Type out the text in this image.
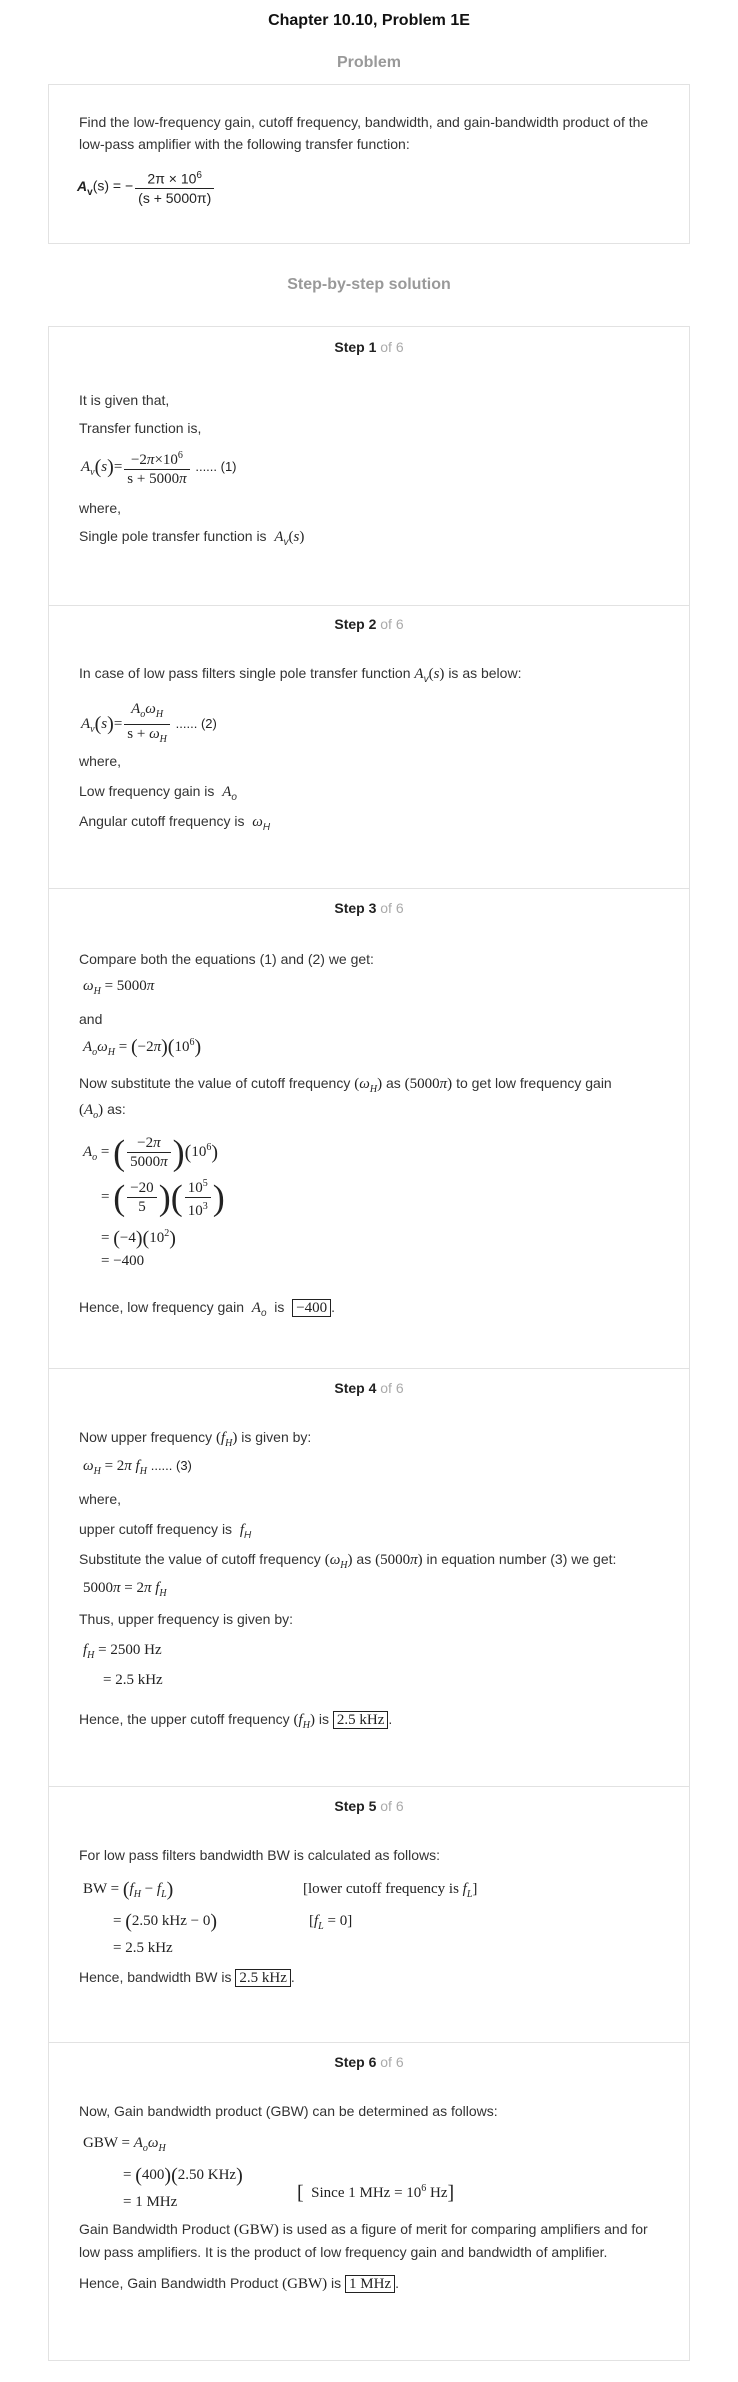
Chapter 10.10, Problem 1E
Problem
Find the low-frequency gain, cutoff frequency, bandwidth, and gain-bandwidth product of the low-pass amplifier with the following transfer function:
$A_v(s)$ = − $\frac{2\pi \times 10^6}{(s + 5000\pi)}$
Step-by-step solution
Step 1 of 6
It is given that,
Transfer function is,
$A_v(s)= \frac{-2\pi\times 10^6}{s + 5000\pi}$ ...... (1)
where,
Single pole transfer function is $A_v(s)$
Step 2 of 6
In case of low pass filters single pole transfer function $A_v(s)$ is as below:
$A_v(s)= \frac{A_o\omega_H}{s + \omega_H}$ ...... (2)
where,
Low frequency gain is $A_o$
Angular cutoff frequency is $\omega_H$
Step 3 of 6
Compare both the equations (1) and (2) we get:
$\omega_H = 5000\pi$
and
$A_o\omega_H = (-2\pi)(10^6)$
Now substitute the value of cutoff frequency $(\omega_H)$ as (5000π) to get low frequency gain
$(A_o)$ as:
$A_o$ = ( $\frac{-2\pi}{5000\pi} )(10^6)$
= ( $\frac{-20}{5}$ )( $\frac{10^5}{10^3}$ )
= $(-4)(10^2)$
= −400
Hence, low frequency gain $A_o$ is −400 .
Step 4 of 6
Now upper frequency $(f_H)$ is given by:
$\omega_H = 2\pi$ $f_H$ ...... (3)
where,
upper cutoff frequency is $f_H$
Substitute the value of cutoff frequency $(\omega_H)$ as (5000π) in equation number (3) we get:
5000π = 2π $f_H$
Thus, upper frequency is given by:
$f_H = 2500$ Hz
= 2.5 kHz
Hence, the upper cutoff frequency $(f_H)$ is 2.5 kHz .
Step 5 of 6
For low pass filters bandwidth BW is calculated as follows:
BW = $(f_H - f_L)$
= (2.50 kHz − 0)
= 2.5 kHz
[lower cutoff frequency is $f_L$]
$[f_L = 0]$
Hence, bandwidth BW is 2.5 kHz .
Step 6 of 6
Now, Gain bandwidth product (GBW) can be determined as follows:
GBW = $A_o\omega_H$
= (400)(2.50 KHz)
= 1 MHz	[ Since 1 MHz = $10^6$ Hz]
Gain Bandwidth Product (GBW) is used as a figure of merit for comparing amplifiers and for low pass amplifiers. It is the product of low frequency gain and bandwidth of amplifier.
Hence, Gain Bandwidth Product (GBW) is 1 MHz .
